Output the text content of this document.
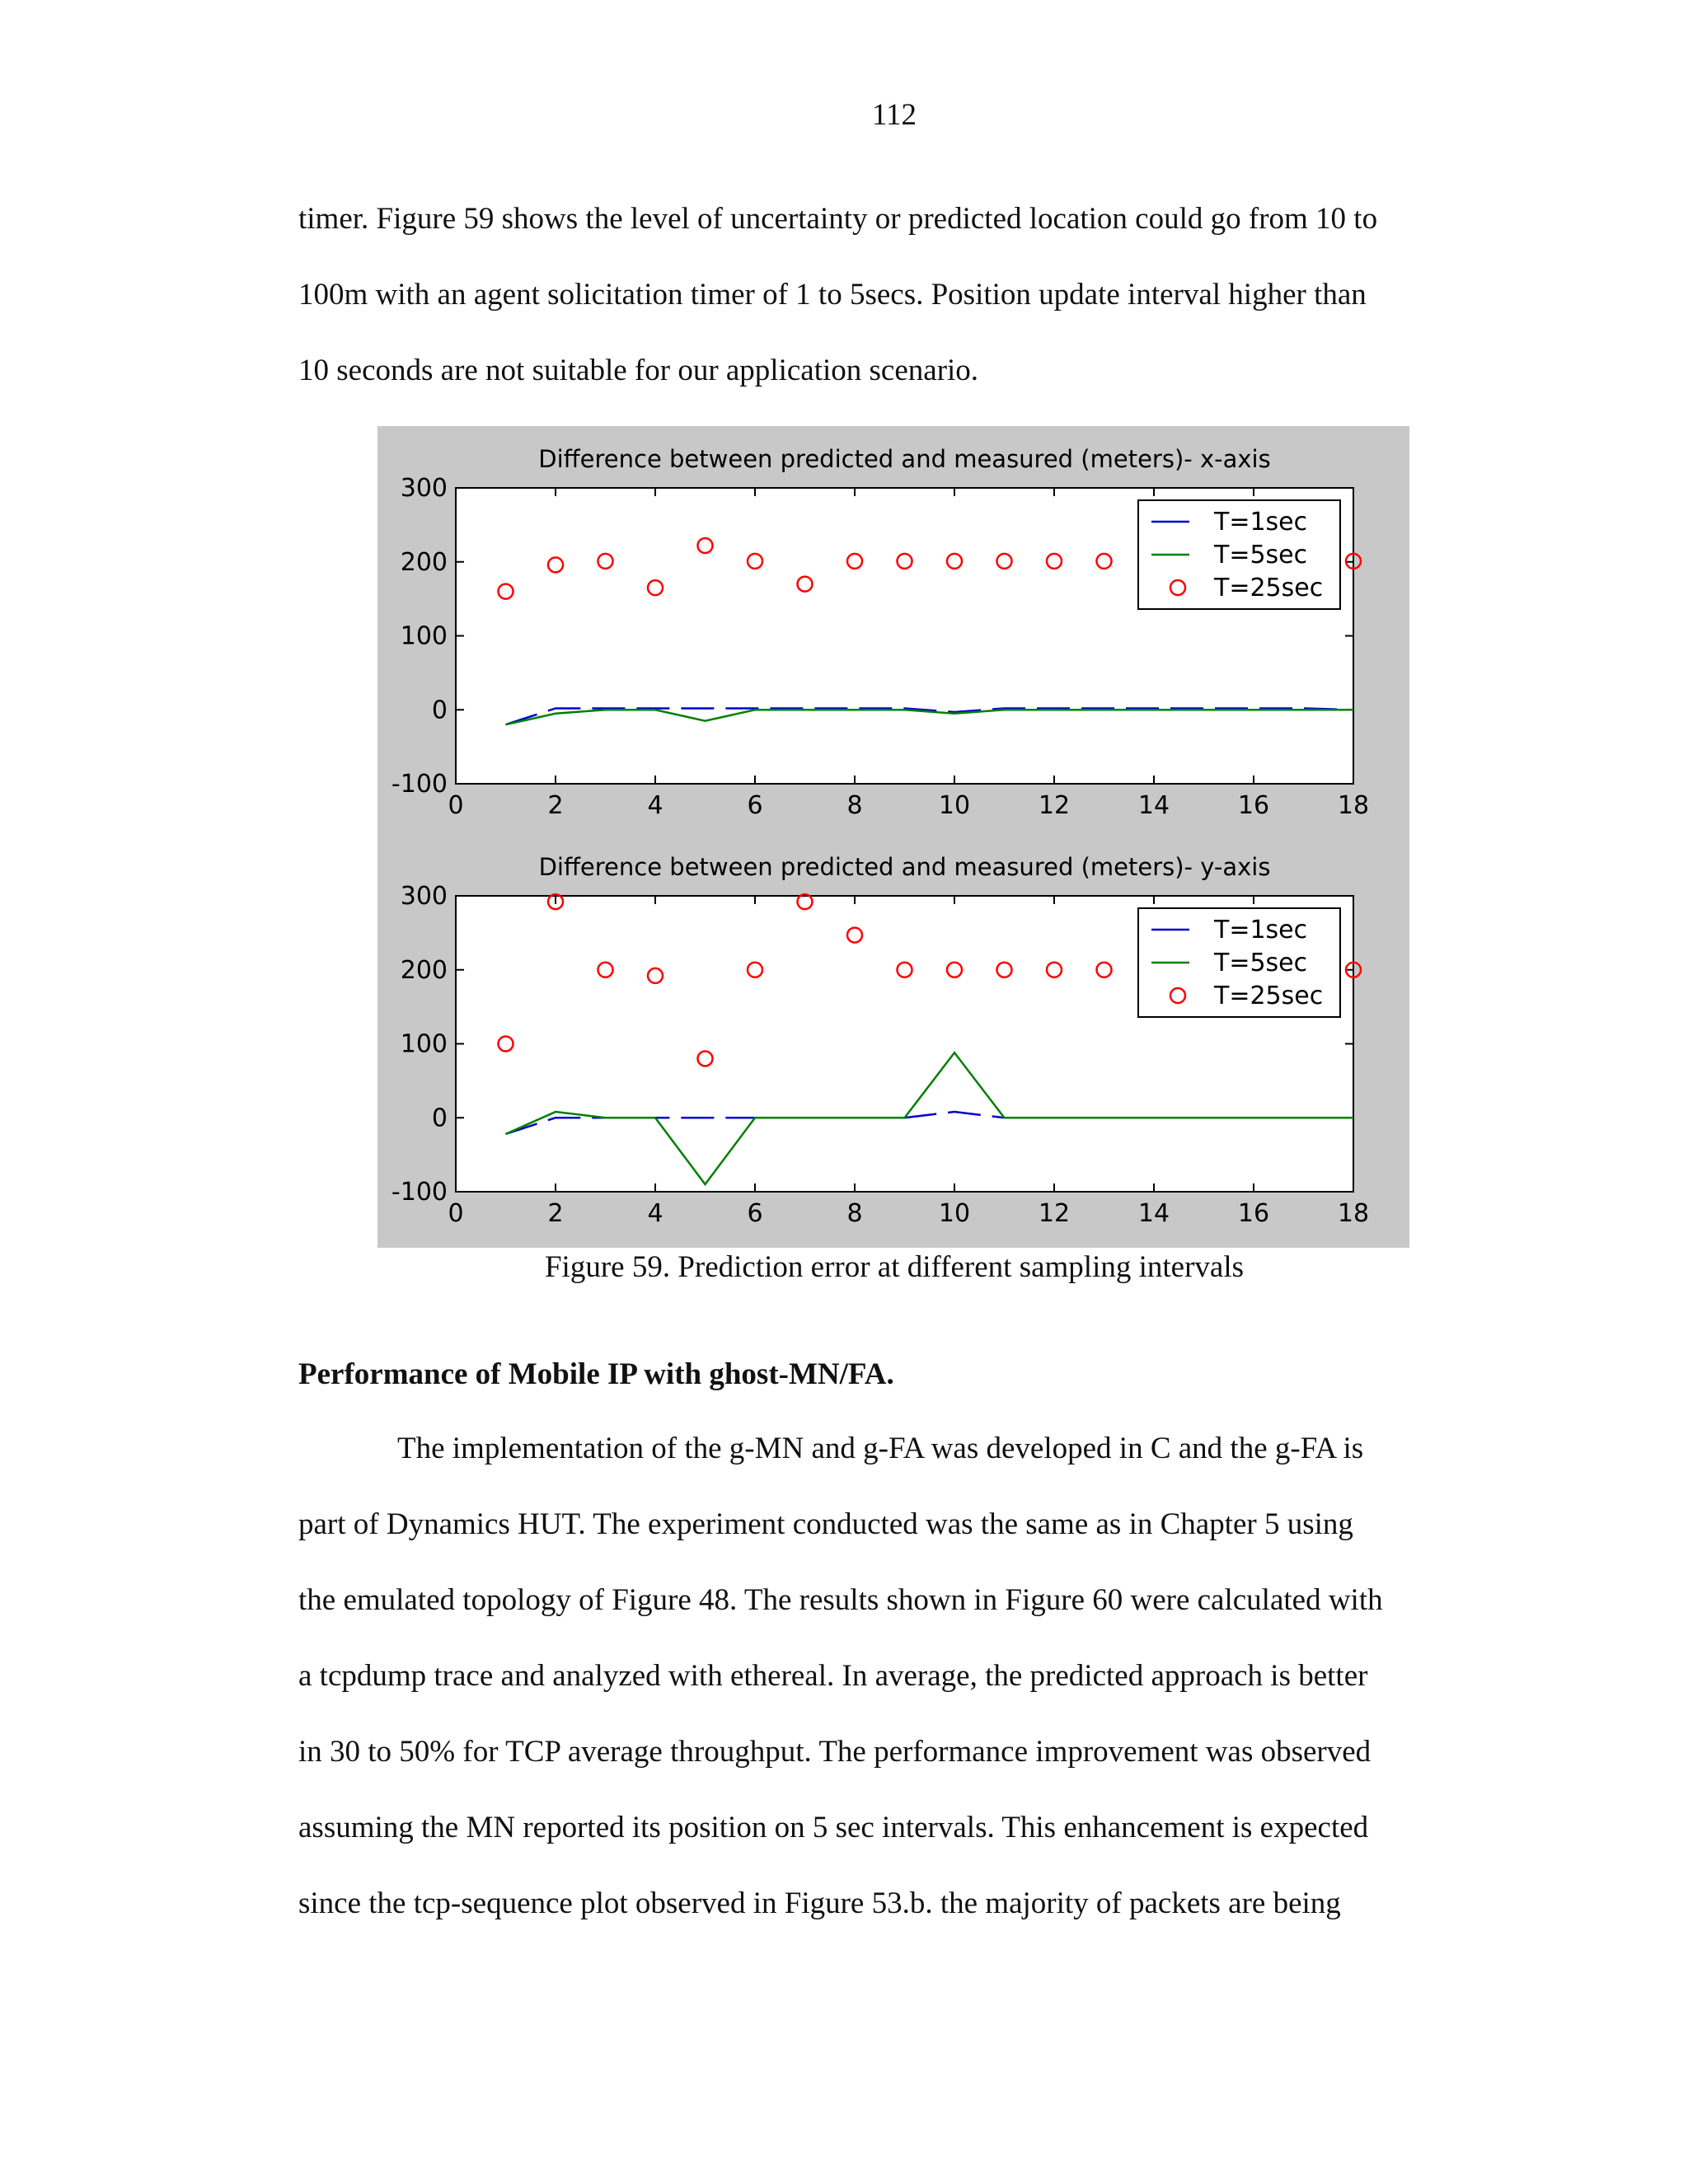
112

timer. Figure 59 shows the level of uncertainty or predicted location could go from 10 to
100m with an agent solicitation timer of 1 to 5secs. Position update interval higher than
10 seconds are not suitable for our application scenario.

Difference between predicted and measured (meters)- x-axis
0	2	4	6	8	10	12	14	16	18
-100
0
100
200
300
T=1sec
T=5sec
T=25sec
Difference between predicted and measured (meters)- y-axis
0	2	4	6	8	10	12	14	16	18
-100
0
100
200
300
T=1sec
T=5sec
T=25sec
Figure 59. Prediction error at different sampling intervals
Performance of Mobile IP with ghost-MN/FA.

The implementation of the g-MN and g-FA was developed in C and the g-FA is
part of Dynamics HUT. The experiment conducted was the same as in Chapter 5 using
the emulated topology of Figure 48. The results shown in Figure 60 were calculated with
a tcpdump trace and analyzed with ethereal. In average, the predicted approach is better
in 30 to 50% for TCP average throughput. The performance improvement was observed
assuming the MN reported its position on 5 sec intervals. This enhancement is expected
since the tcp-sequence plot observed in Figure 53.b. the majority of packets are being
